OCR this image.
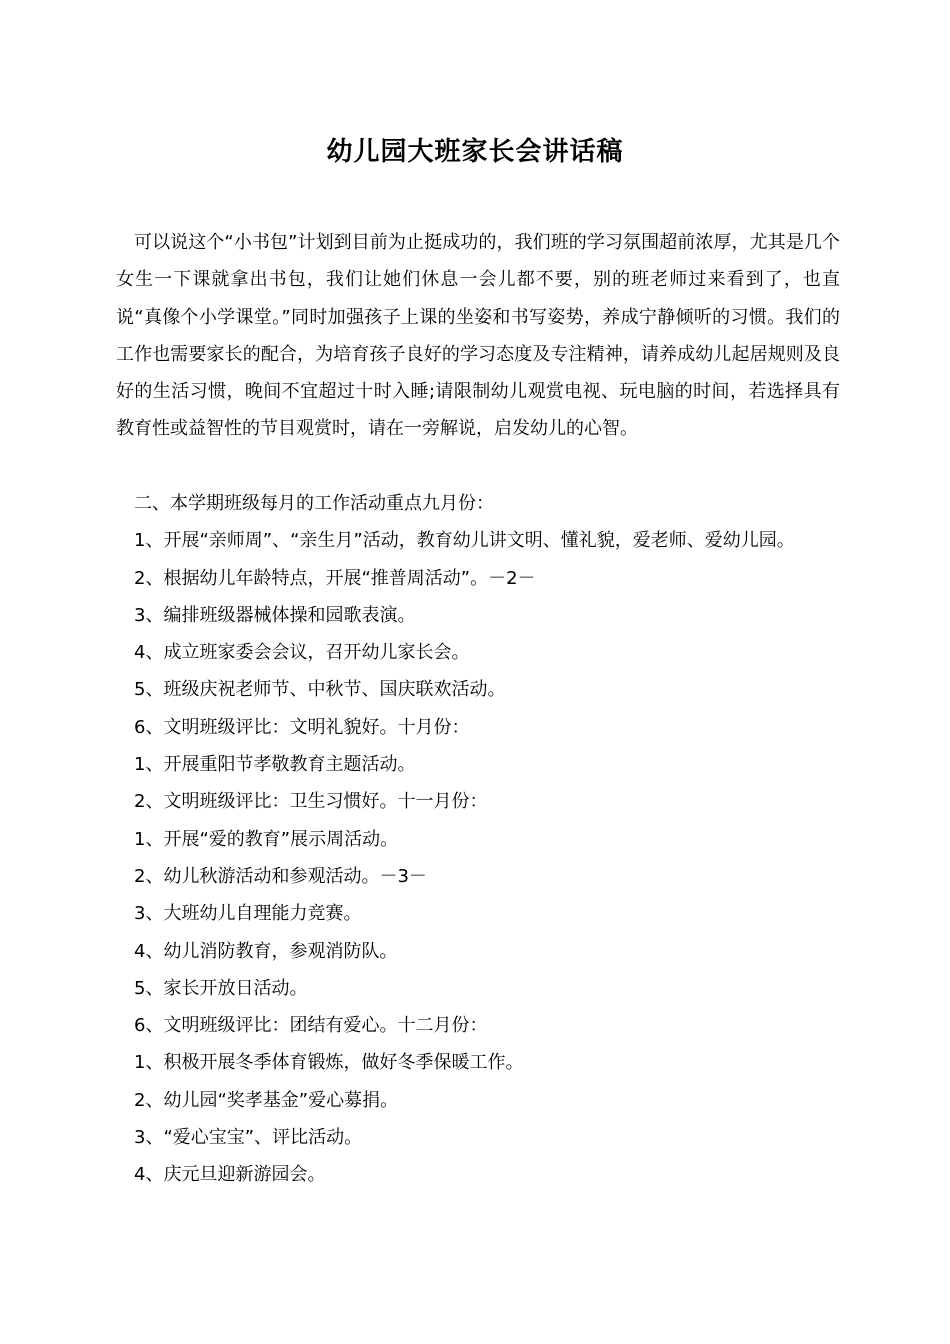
幼儿园大班家长会讲话稿

可以说这个“小书包”计划到目前为止挺成功的，我们班的学习氛围超前浓厚，尤其是几个女生一下课就拿出书包，我们让她们休息一会儿都不要，别的班老师过来看到了，也直说“真像个小学课堂。”同时加强孩子上课的坐姿和书写姿势，养成宁静倾听的习惯。我们的工作也需要家长的配合，为培育孩子良好的学习态度及专注精神，请养成幼儿起居规则及良好的生活习惯，晚间不宜超过十时入睡;请限制幼儿观赏电视、玩电脑的时间，若选择具有教育性或益智性的节目观赏时，请在一旁解说，启发幼儿的心智。

二、本学期班级每月的工作活动重点九月份：
1、开展“亲师周”、“亲生月”活动，教育幼儿讲文明、懂礼貌，爱老师、爱幼儿园。
2、根据幼儿年龄特点，开展“推普周活动”。－2－
3、编排班级器械体操和园歌表演。
4、成立班家委会会议，召开幼儿家长会。
5、班级庆祝老师节、中秋节、国庆联欢活动。
6、文明班级评比：文明礼貌好。十月份：
1、开展重阳节孝敬教育主题活动。
2、文明班级评比：卫生习惯好。十一月份：
1、开展“爱的教育”展示周活动。
2、幼儿秋游活动和参观活动。－3－
3、大班幼儿自理能力竞赛。
4、幼儿消防教育，参观消防队。
5、家长开放日活动。
6、文明班级评比：团结有爱心。十二月份：
1、积极开展冬季体育锻炼，做好冬季保暖工作。
2、幼儿园“奖孝基金”爱心募捐。
3、“爱心宝宝”、评比活动。
4、庆元旦迎新游园会。
